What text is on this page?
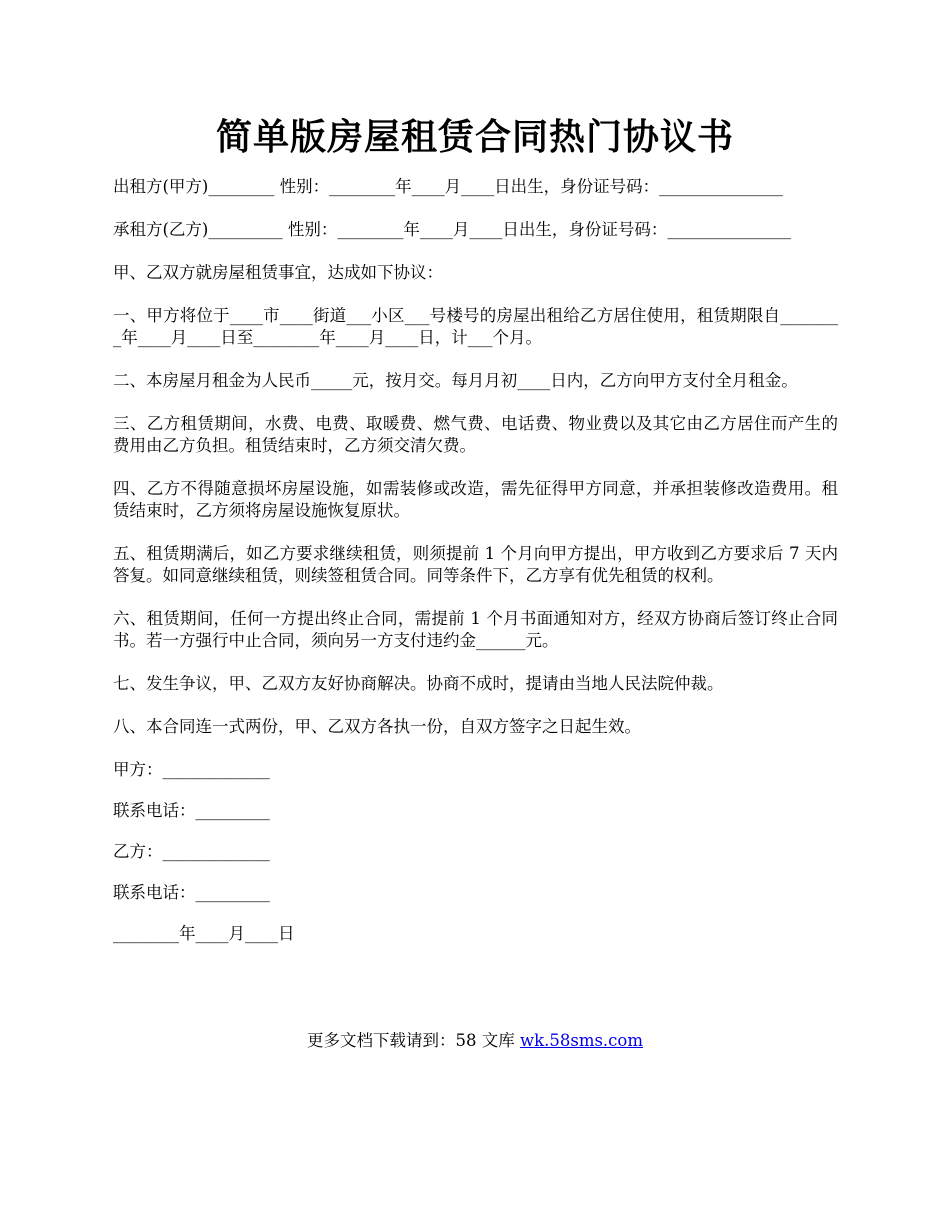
简单版房屋租赁合同热门协议书

出租方(甲方)________ 性别：________年____月____日出生，身份证号码：_______________

承租方(乙方)_________ 性别：________年____月____日出生，身份证号码：_______________

甲、乙双方就房屋租赁事宜，达成如下协议：

一、甲方将位于____市____街道___小区___号楼号的房屋出租给乙方居住使用，租赁期限自________年____月____日至________年____月____日，计___个月。

二、本房屋月租金为人民币_____元，按月交。每月月初____日内，乙方向甲方支付全月租金。

三、乙方租赁期间，水费、电费、取暖费、燃气费、电话费、物业费以及其它由乙方居住而产生的费用由乙方负担。租赁结束时，乙方须交清欠费。

四、乙方不得随意损坏房屋设施，如需装修或改造，需先征得甲方同意，并承担装修改造费用。租赁结束时，乙方须将房屋设施恢复原状。

五、租赁期满后，如乙方要求继续租赁，则须提前 1 个月向甲方提出，甲方收到乙方要求后 7 天内答复。如同意继续租赁，则续签租赁合同。同等条件下，乙方享有优先租赁的权利。

六、租赁期间，任何一方提出终止合同，需提前 1 个月书面通知对方，经双方协商后签订终止合同书。若一方强行中止合同，须向另一方支付违约金______元。

七、发生争议，甲、乙双方友好协商解决。协商不成时，提请由当地人民法院仲裁。

八、本合同连一式两份，甲、乙双方各执一份，自双方签字之日起生效。

甲方：_____________

联系电话：_________

乙方：_____________

联系电话：_________

________年____月____日

更多文档下载请到：58 文库 wk.58sms.com
